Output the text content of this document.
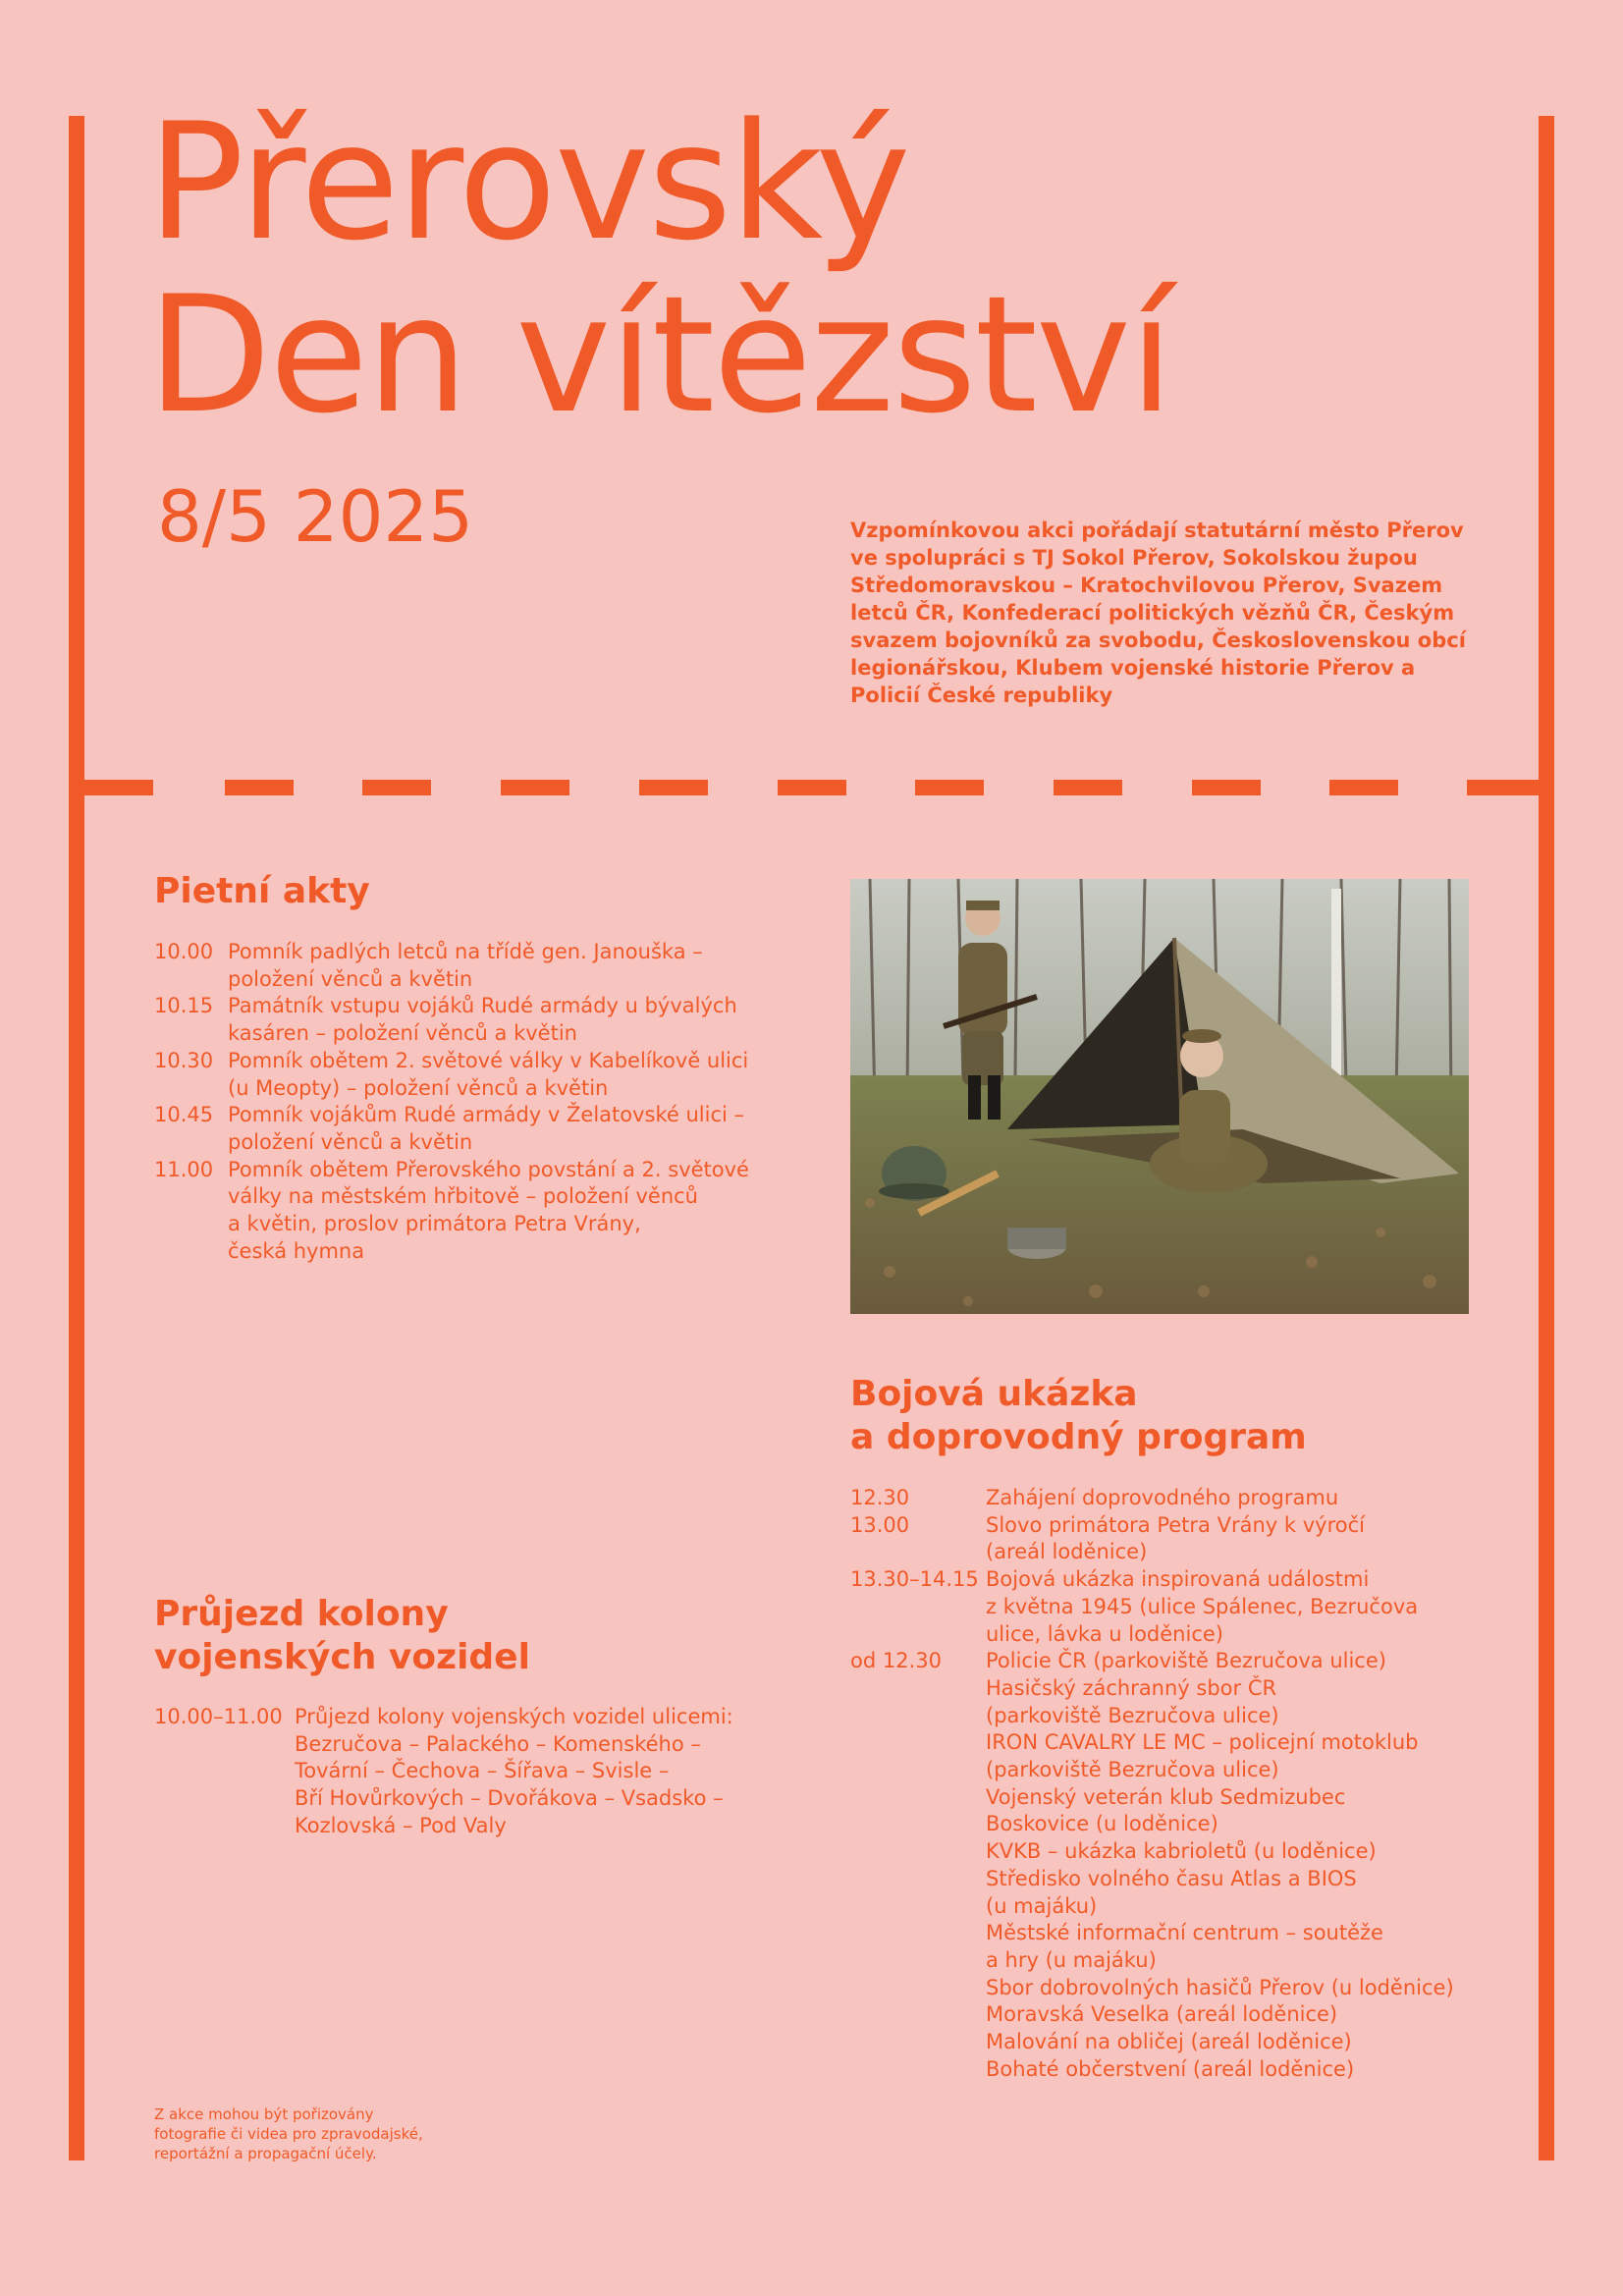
Přerovský
Den vítězství
8/5 2025	Vzpomínkovou akci pořádají statutární město Přerov ve spolupráci s TJ Sokol Přerov, Sokolskou župou Středomoravskou – Kratochvilovou Přerov, Svazem letců ČR, Konfederací politických vězňů ČR, Českým svazem bojovníků za svobodu, Československou obcí legionářskou, Klubem vojenské historie Přerov a Policií České republiky

Pietní akty
10.00 Pomník padlých letců na třídě gen. Janouška –
položení věnců a květin
10.15 Památník vstupu vojáků Rudé armády u bývalých
kasáren – položení věnců a květin
10.30 Pomník obětem 2. světové války v Kabelíkově ulici
(u Meopty) – položení věnců a květin
10.45 Pomník vojákům Rudé armády v Želatovské ulici –
položení věnců a květin
11.00 Pomník obětem Přerovského povstání a 2. světové
války na městském hřbitově – položení věnců
a květin, proslov primátora Petra Vrány,
česká hymna
Průjezd kolony
vojenských vozidel
10.00–11.00 Průjezd kolony vojenských vozidel ulicemi:
Bezručova – Palackého – Komenského –
Tovární – Čechova – Šířava – Svisle –
Bří Hovůrkových – Dvořákova – Vsadsko –
Kozlovská – Pod Valy
Bojová ukázka
a doprovodný program
12.30	Zahájení doprovodného programu
13.00	Slovo primátora Petra Vrány k výročí
(areál loděnice)
13.30–14.15 Bojová ukázka inspirovaná událostmi
z května 1945 (ulice Spálenec, Bezručova
ulice, lávka u loděnice)
od 12.30	Policie ČR (parkoviště Bezručova ulice)
Hasičský záchranný sbor ČR
(parkoviště Bezručova ulice)
IRON CAVALRY LE MC – policejní motoklub
(parkoviště Bezručova ulice)
Vojenský veterán klub Sedmizubec
Boskovice (u loděnice)
KVKB – ukázka kabrioletů (u loděnice)
Středisko volného času Atlas a BIOS
(u majáku)
Městské informační centrum – soutěže
a hry (u majáku)
Sbor dobrovolných hasičů Přerov (u loděnice)
Moravská Veselka (areál loděnice)
Malování na obličej (areál loděnice)
Bohaté občerstvení (areál loděnice)

Z akce mohou být pořizovány
fotografie či videa pro zpravodajské,
reportážní a propagační účely.
